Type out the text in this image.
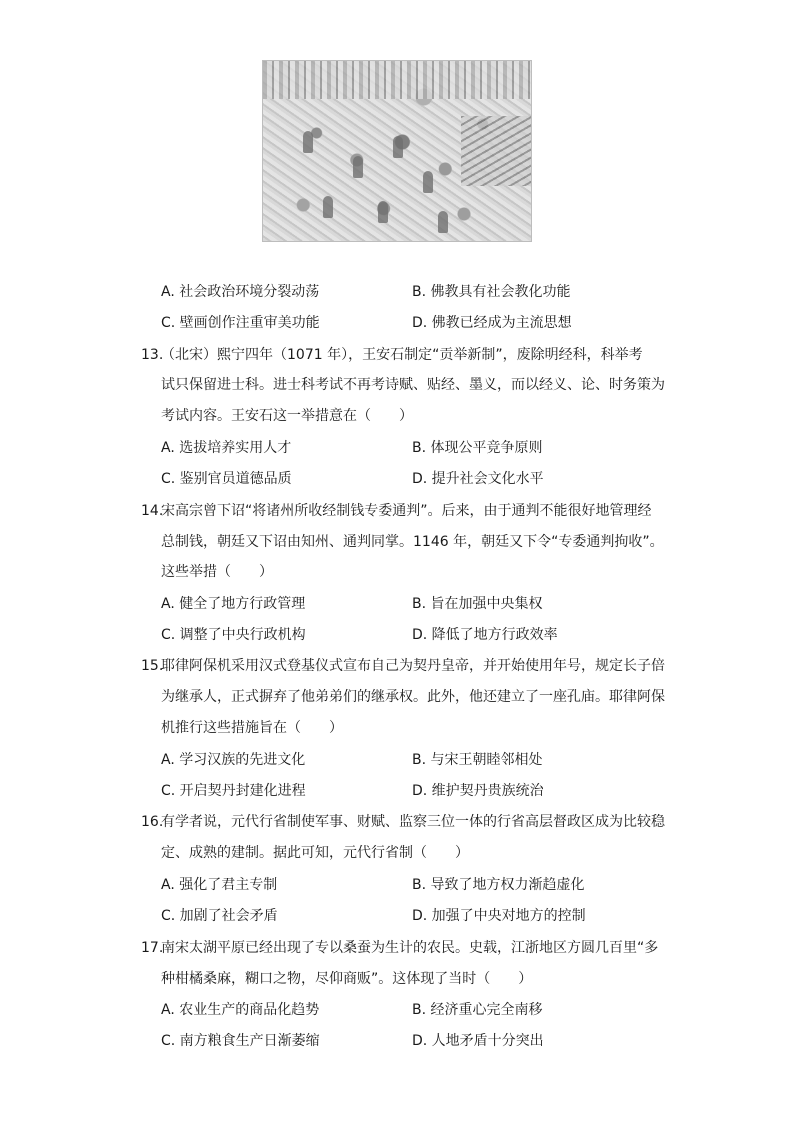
A. 社会政治环境分裂动荡	B. 佛教具有社会教化功能
C. 壁画创作注重审美功能	D. 佛教已经成为主流思想
13.
（北宋）熙宁四年（1071 年），王安石制定“贡举新制”，废除明经科，科举考
试只保留进士科。进士科考试不再考诗赋、贴经、墨义，而以经义、论、时务策为
考试内容。王安石这一举措意在（　　）
A. 选拔培养实用人才	B. 体现公平竞争原则
C. 鉴别官员道德品质	D. 提升社会文化水平
14.
宋高宗曾下诏“将诸州所收经制钱专委通判”。后来，由于通判不能很好地管理经
总制钱，朝廷又下诏由知州、通判同掌。1146 年，朝廷又下令“专委通判拘收”。
这些举措（　　）
A. 健全了地方行政管理	B. 旨在加强中央集权
C. 调整了中央行政机构	D. 降低了地方行政效率
15.
耶律阿保机采用汉式登基仪式宣布自己为契丹皇帝，并开始使用年号，规定长子倍
为继承人，正式摒弃了他弟弟们的继承权。此外，他还建立了一座孔庙。耶律阿保
机推行这些措施旨在（　　）
A. 学习汉族的先进文化	B. 与宋王朝睦邻相处
C. 开启契丹封建化进程	D. 维护契丹贵族统治
16.
有学者说，元代行省制使军事、财赋、监察三位一体的行省高层督政区成为比较稳
定、成熟的建制。据此可知，元代行省制（　　）
A. 强化了君主专制	B. 导致了地方权力渐趋虚化
C. 加剧了社会矛盾	D. 加强了中央对地方的控制
17.
南宋太湖平原已经出现了专以桑蚕为生计的农民。史载，江浙地区方圆几百里“多
种柑橘桑麻，糊口之物，尽仰商贩”。这体现了当时（　　）
A. 农业生产的商品化趋势	B. 经济重心完全南移
C. 南方粮食生产日渐萎缩	D. 人地矛盾十分突出
